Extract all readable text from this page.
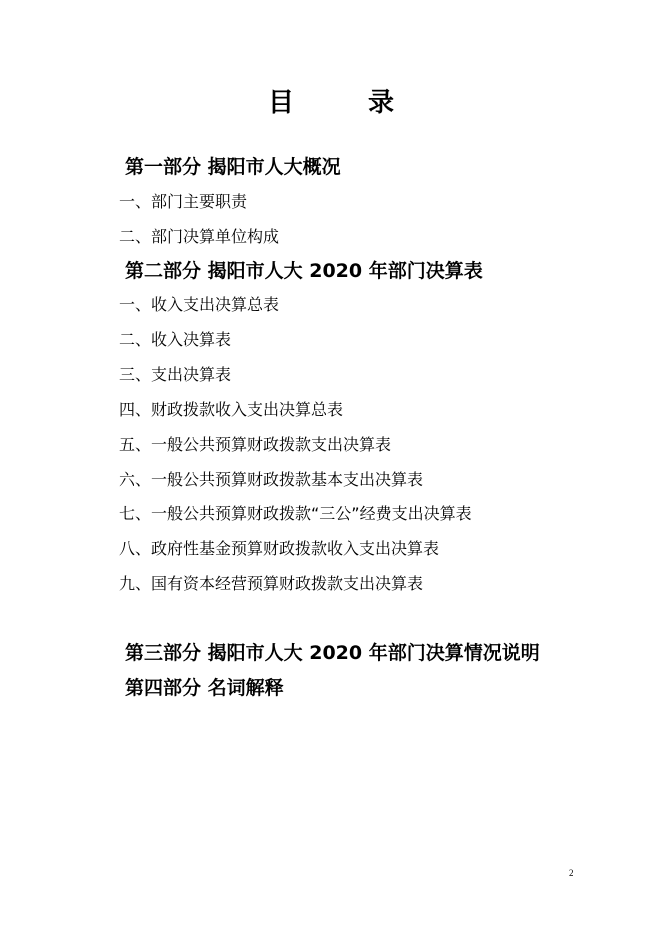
目	录
第一部分 揭阳市人大概况
一、部门主要职责
二、部门决算单位构成
第二部分 揭阳市人大 2020 年部门决算表
一、收入支出决算总表
二、收入决算表
三、支出决算表
四、财政拨款收入支出决算总表
五、一般公共预算财政拨款支出决算表
六、一般公共预算财政拨款基本支出决算表
七、一般公共预算财政拨款“三公”经费支出决算表
八、政府性基金预算财政拨款收入支出决算表
九、国有资本经营预算财政拨款支出决算表
第三部分 揭阳市人大 2020 年部门决算情况说明
第四部分 名词解释
2
